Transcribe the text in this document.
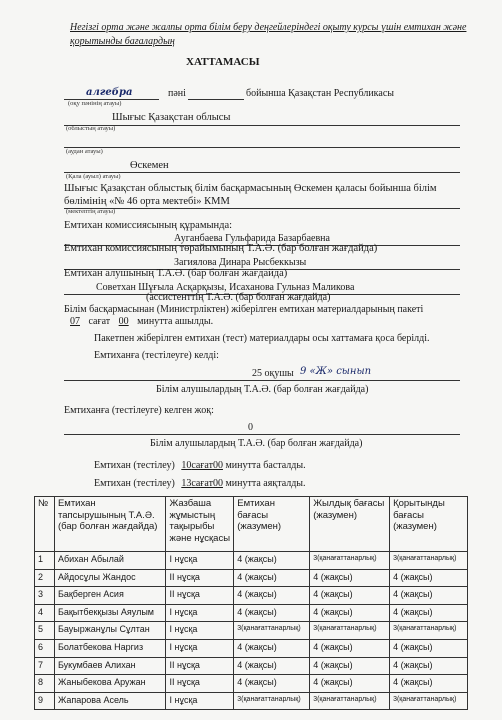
Негізгі орта және жалпы орта білім беру деңгейлеріндегі оқыту курсы үшін емтихан және
қорытынды бағалардың
ХАТТАМАСЫ
алгебра	пәні	бойынша Қазақстан Республикасы
(оқу пәнінің атауы)
Шығыс Қазақстан облысы
(облыстың атауы)
(аудан атауы)
Өскемен
(Қала (ауыл) атауы)
Шығыс Қазақстан облыстық білім басқармасының Өскемен қаласы бойынша білім
бөлімінің «№ 46 орта мектебі» КММ
(мектептің атауы)
Емтихан комиссиясының құрамында:
Ауганбаева Гульфарида Базарбаевна
Емтихан комиссиясының төрайымының Т.А.Ә. (бар болған жағдайда)
Загиялова Динара Рысбеккызы
Емтихан алушының Т.А.Ә. (бар болған жағдайда)
Советхан Шұғыла Асқарқызы, Исаханова Гульназ Маликова
(ассистенттің Т.А.Ә. (бар болған жағдайда)
Білім басқармасынан (Министрліктен) жіберілген емтихан материалдарының пакеті
07 сағат 00 минутта ашылды.
Пакетпен жіберілген емтихан (тест) материалдары осы хаттамаға қоса берілді.
Емтиханға (тестілеуге) келді:
25 оқушы 9 «Ж» сынып
Білім алушылардың Т.А.Ә. (бар болған жағдайда)
Емтиханға (тестілеуге) келген жоқ:
0
Білім алушылардың Т.А.Ә. (бар болған жағдайда)
Емтихан (тестілеу) 10сағат00 минутта басталды.
Емтихан (тестілеу) 13сағат00 минутта аяқталды.
№	Емтихан тапсырушының Т.А.Ә. (бар болған жағдайда)	Жазбаша жұмыстың тақырыбы және нұсқасы	Емтихан бағасы (жазумен)	Жылдық бағасы (жазумен)	Қорытынды бағасы (жазумен)
1	Абихан Абылай	I нұсқа	4 (жақсы)	3(қанағаттанарлық)	3(қанағаттанарлық)
2	Айдосұлы Жандос	II нұсқа	4 (жақсы)	4 (жақсы)	4 (жақсы)
3	Бақберген Асия	II нұсқа	4 (жақсы)	4 (жақсы)	4 (жақсы)
4	Бақытбекқызы Аяулым	I нұсқа	4 (жақсы)	4 (жақсы)	4 (жақсы)
5	Бауыржанұлы Сұлтан	I нұсқа	3(қанағаттанарлық)	3(қанағаттанарлық)	3(қанағаттанарлық)
6	Болатбекова Наргиз	I нұсқа	4 (жақсы)	4 (жақсы)	4 (жақсы)
7	Букумбаев Алихан	II нұсқа	4 (жақсы)	4 (жақсы)	4 (жақсы)
8	Жаныбекова Аружан	II нұсқа	4 (жақсы)	4 (жақсы)	4 (жақсы)
9	Жапарова Асель	I нұсқа	3(қанағаттанарлық)	3(қанағаттанарлық)	3(қанағаттанарлық)
